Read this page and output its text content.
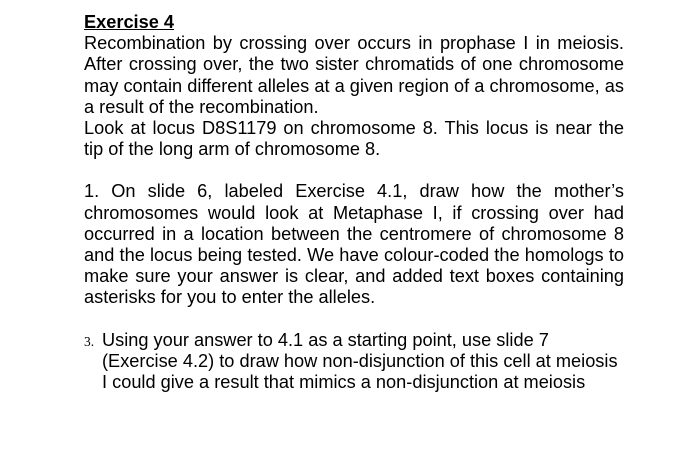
Exercise 4

Recombination by crossing over occurs in prophase I in meiosis. After crossing over, the two sister chromatids of one chromosome may contain different alleles at a given region of a chromosome, as a result of the recombination.

Look at locus D8S1179 on chromosome 8. This locus is near the tip of the long arm of chromosome 8.

1. On slide 6, labeled Exercise 4.1, draw how the mother’s chromosomes would look at Metaphase I, if crossing over had occurred in a location between the centromere of chromosome 8 and the locus being tested. We have colour-coded the homologs to make sure your answer is clear, and added text boxes containing asterisks for you to enter the alleles.

3. Using your answer to 4.1 as a starting point, use slide 7 (Exercise 4.2) to draw how non-disjunction of this cell at meiosis I could give a result that mimics a non-disjunction at meiosis
